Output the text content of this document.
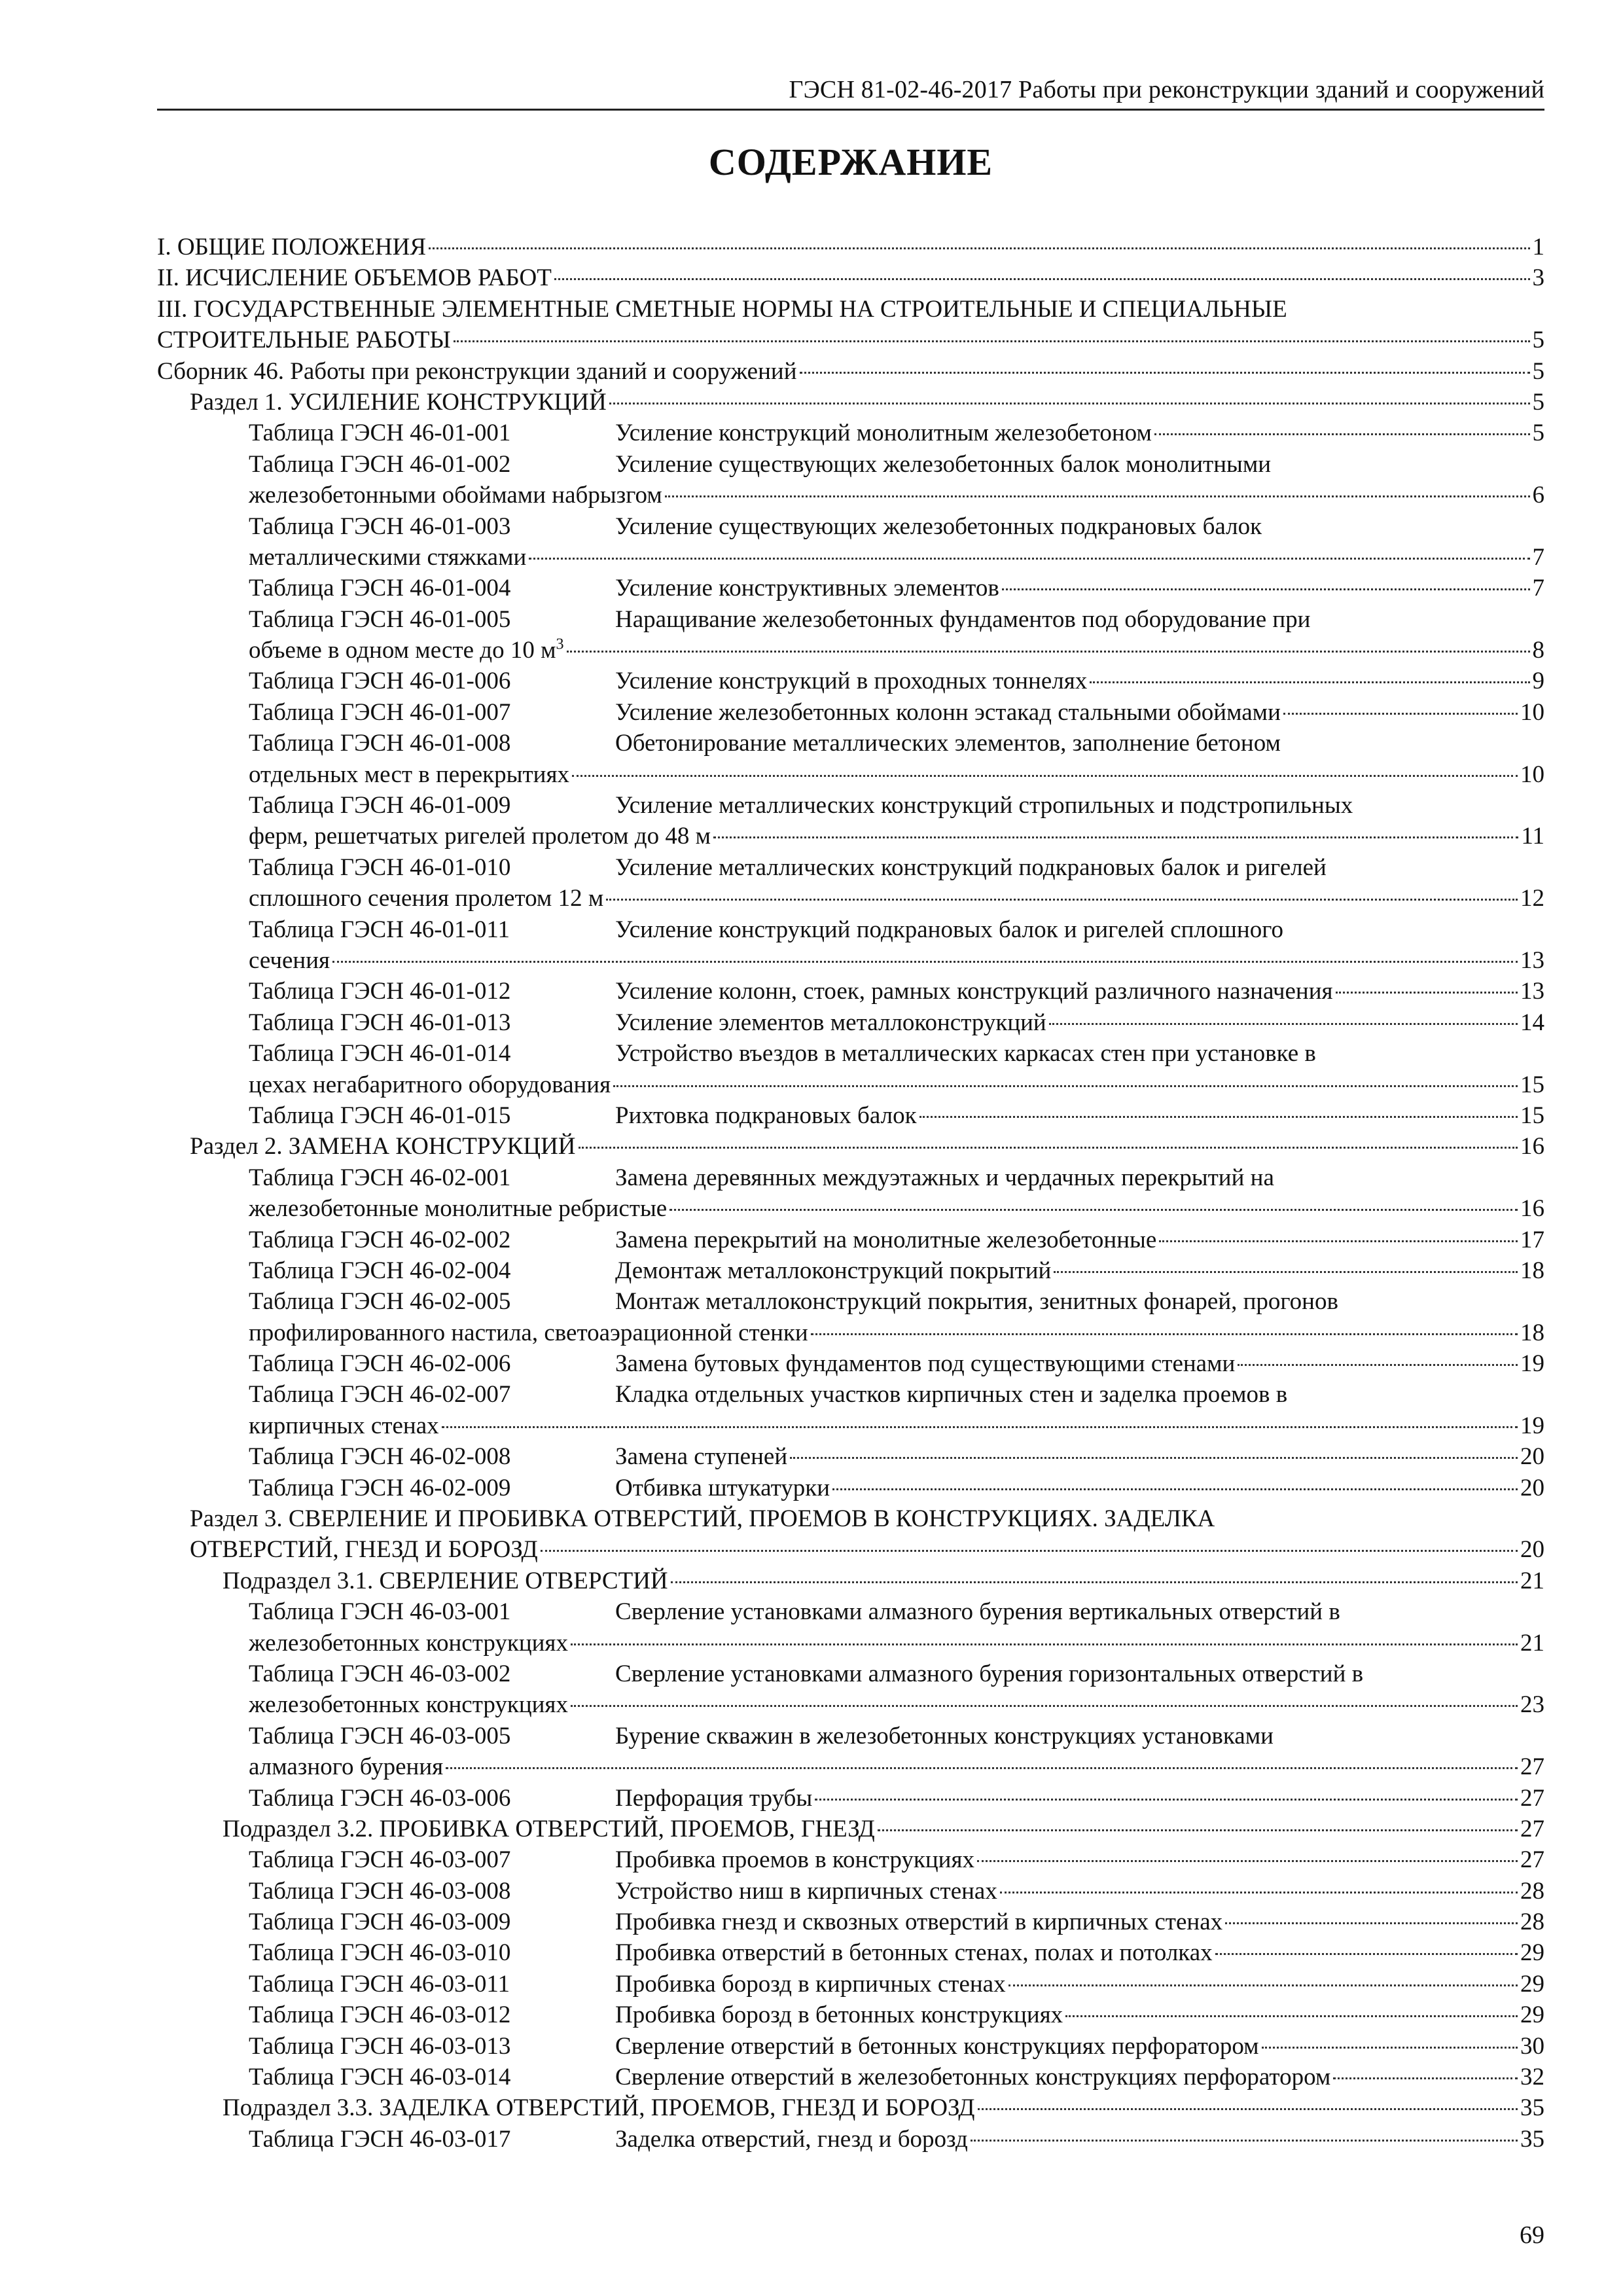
ГЭСН 81-02-46-2017 Работы при реконструкции зданий и сооружений
СОДЕРЖАНИЕ
I. ОБЩИЕ ПОЛОЖЕНИЯ	1
II. ИСЧИСЛЕНИЕ ОБЪЕМОВ РАБОТ	3
III. ГОСУДАРСТВЕННЫЕ ЭЛЕМЕНТНЫЕ СМЕТНЫЕ НОРМЫ НА СТРОИТЕЛЬНЫЕ И СПЕЦИАЛЬНЫЕ
СТРОИТЕЛЬНЫЕ РАБОТЫ	5
Сборник 46. Работы при реконструкции зданий и сооружений	5
Раздел 1. УСИЛЕНИЕ КОНСТРУКЦИЙ	5
Таблица ГЭСН 46-01-001	Усиление конструкций монолитным железобетоном	5
Таблица ГЭСН 46-01-002	Усиление существующих железобетонных балок монолитными
железобетонными обоймами набрызгом	6
Таблица ГЭСН 46-01-003	Усиление существующих железобетонных подкрановых балок
металлическими стяжками	7
Таблица ГЭСН 46-01-004	Усиление конструктивных элементов	7
Таблица ГЭСН 46-01-005	Наращивание железобетонных фундаментов под оборудование при
объеме в одном месте до 10 $м^3$	8
Таблица ГЭСН 46-01-006	Усиление конструкций в проходных тоннелях	9
Таблица ГЭСН 46-01-007	Усиление железобетонных колонн эстакад стальными обоймами	10
Таблица ГЭСН 46-01-008	Обетонирование металлических элементов, заполнение бетоном
отдельных мест в перекрытиях	10
Таблица ГЭСН 46-01-009	Усиление металлических конструкций стропильных и подстропильных
ферм, решетчатых ригелей пролетом до 48 м	11
Таблица ГЭСН 46-01-010	Усиление металлических конструкций подкрановых балок и ригелей
сплошного сечения пролетом 12 м	12
Таблица ГЭСН 46-01-011	Усиление конструкций подкрановых балок и ригелей сплошного
сечения	13
Таблица ГЭСН 46-01-012	Усиление колонн, стоек, рамных конструкций различного назначения	13
Таблица ГЭСН 46-01-013	Усиление элементов металлоконструкций	14
Таблица ГЭСН 46-01-014	Устройство въездов в металлических каркасах стен при установке в
цехах негабаритного оборудования	15
Таблица ГЭСН 46-01-015	Рихтовка подкрановых балок	15
Раздел 2. ЗАМЕНА КОНСТРУКЦИЙ	16
Таблица ГЭСН 46-02-001	Замена деревянных междуэтажных и чердачных перекрытий на
железобетонные монолитные ребристые	16
Таблица ГЭСН 46-02-002	Замена перекрытий на монолитные железобетонные	17
Таблица ГЭСН 46-02-004	Демонтаж металлоконструкций покрытий	18
Таблица ГЭСН 46-02-005	Монтаж металлоконструкций покрытия, зенитных фонарей, прогонов
профилированного настила, светоаэрационной стенки	18
Таблица ГЭСН 46-02-006	Замена бутовых фундаментов под существующими стенами	19
Таблица ГЭСН 46-02-007	Кладка отдельных участков кирпичных стен и заделка проемов в
кирпичных стенах	19
Таблица ГЭСН 46-02-008	Замена ступеней	20
Таблица ГЭСН 46-02-009	Отбивка штукатурки	20
Раздел 3. СВЕРЛЕНИЕ И ПРОБИВКА ОТВЕРСТИЙ, ПРОЕМОВ В КОНСТРУКЦИЯХ. ЗАДЕЛКА
ОТВЕРСТИЙ, ГНЕЗД И БОРОЗД	20
Подраздел 3.1. СВЕРЛЕНИЕ ОТВЕРСТИЙ	21
Таблица ГЭСН 46-03-001	Сверление установками алмазного бурения вертикальных отверстий в
железобетонных конструкциях	21
Таблица ГЭСН 46-03-002	Сверление установками алмазного бурения горизонтальных отверстий в
железобетонных конструкциях	23
Таблица ГЭСН 46-03-005	Бурение скважин в железобетонных конструкциях установками
алмазного бурения	27
Таблица ГЭСН 46-03-006	Перфорация трубы	27
Подраздел 3.2. ПРОБИВКА ОТВЕРСТИЙ, ПРОЕМОВ, ГНЕЗД	27
Таблица ГЭСН 46-03-007	Пробивка проемов в конструкциях	27
Таблица ГЭСН 46-03-008	Устройство ниш в кирпичных стенах	28
Таблица ГЭСН 46-03-009	Пробивка гнезд и сквозных отверстий в кирпичных стенах	28
Таблица ГЭСН 46-03-010	Пробивка отверстий в бетонных стенах, полах и потолках	29
Таблица ГЭСН 46-03-011	Пробивка борозд в кирпичных стенах	29
Таблица ГЭСН 46-03-012	Пробивка борозд в бетонных конструкциях	29
Таблица ГЭСН 46-03-013	Сверление отверстий в бетонных конструкциях перфоратором	30
Таблица ГЭСН 46-03-014	Сверление отверстий в железобетонных конструкциях перфоратором	32
Подраздел 3.3. ЗАДЕЛКА ОТВЕРСТИЙ, ПРОЕМОВ, ГНЕЗД И БОРОЗД	35
Таблица ГЭСН 46-03-017	Заделка отверстий, гнезд и борозд	35
69
